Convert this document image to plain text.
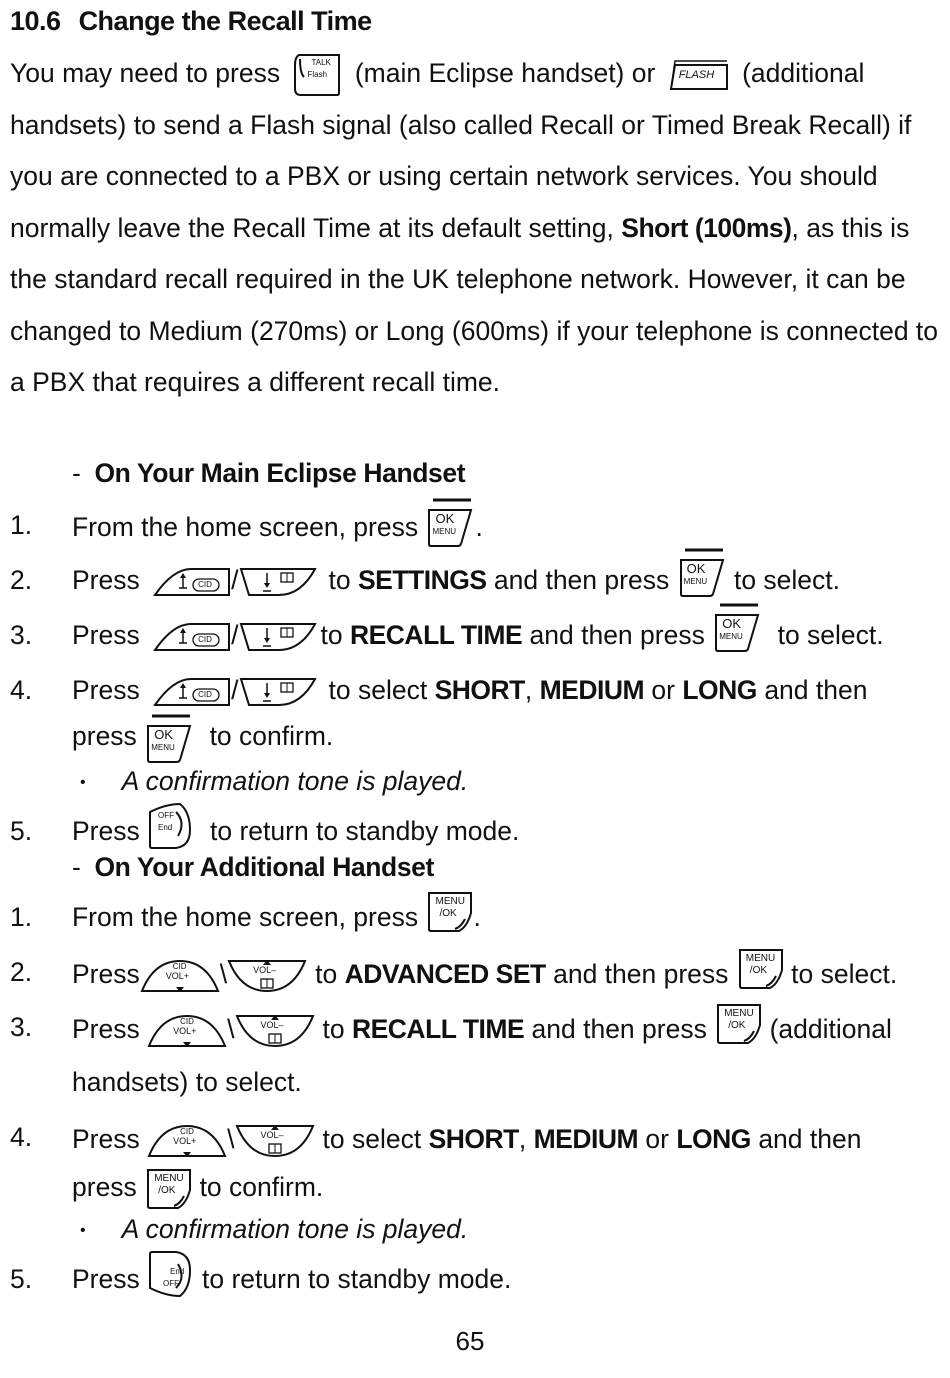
10.6 Change the Recall Time
You may need to press	TALK
Flash (main Eclipse handset) or FLASH (additional handsets) to send a Flash signal (also called Recall or Timed Break Recall) if you are connected to a PBX or using certain network services. You should normally leave the Recall Time at its default setting, Short (100ms), as this is the standard recall required in the UK telephone network. However, it can be changed to Medium (270ms) or Long (600ms) if your telephone is connected to a PBX that requires a different recall time.
- On Your Main Eclipse Handset
1.	From the home screen, press OK
MENU .
2.	Press	CID /	to SETTINGS and then press OK
MENU to select.
3.	Press	CID /	to RECALL TIME and then press OK
MENU to select.
4.	Press	CID /	to select SHORT, MEDIUM or LONG and then
press OK
MENU to confirm.
• A confirmation tone is played.
5.	Press
OFF
End to return to standby mode.
- On Your Additional Handset
1.	From the home screen, press
MENU
/OK .
2.	Press	CID
VOL+ \	VOL– to ADVANCED SET and then press
MENU
/OK to select.
3.	Press	CID
VOL+ \	VOL– to RECALL TIME and then press
MENU
/OK (additional
handsets) to select.
4.	Press	CID
VOL+ \	VOL– to select SHORT, MEDIUM or LONG and then
press MENU
/OK to confirm.
• A confirmation tone is played.
5.	Press	End
OFF to return to standby mode.
65
